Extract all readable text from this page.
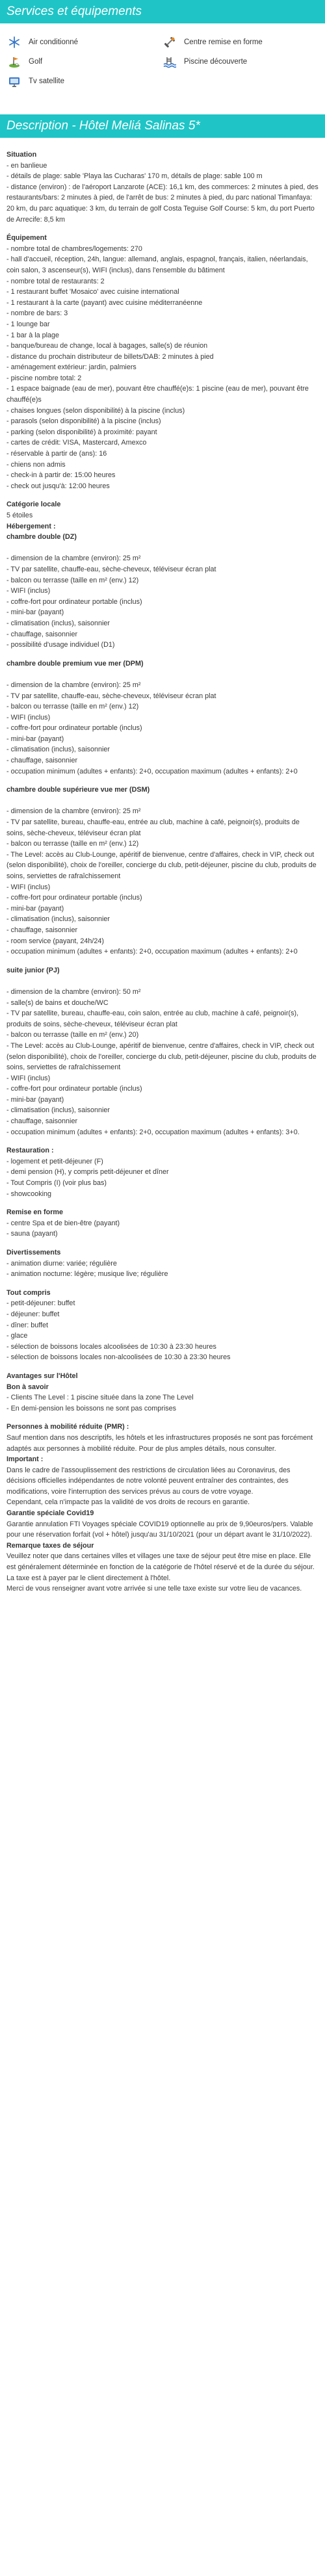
Services et équipements
Air conditionné	Centre remise en forme
Golf	Piscine découverte
Tv satellite
Description - Hôtel Meliá Salinas 5*

Situation

- en banlieue

- détails de plage: sable 'Playa las Cucharas' 170 m, détails de plage: sable 100 m

- distance (environ) : de l'aéroport Lanzarote (ACE): 16,1 km, des commerces: 2 minutes à pied, des restaurants/bars: 2 minutes à pied, de l'arrêt de bus: 2 minutes à pied, du parc national Timanfaya: 20 km, du parc aquatique: 3 km, du terrain de golf Costa Teguise Golf Course: 5 km, du port Puerto de Arrecife: 8,5 km

Équipement

- nombre total de chambres/logements: 270

- hall d'accueil, réception, 24h, langue: allemand, anglais, espagnol, français, italien, néerlandais, coin salon, 3 ascenseur(s), WIFI (inclus), dans l'ensemble du bâtiment

- nombre total de restaurants: 2

- 1 restaurant buffet 'Mosaico' avec cuisine international

- 1 restaurant à la carte (payant) avec cuisine méditerranéenne

- nombre de bars: 3

- 1 lounge bar

- 1 bar à la plage

- banque/bureau de change, local à bagages, salle(s) de réunion

- distance du prochain distributeur de billets/DAB: 2 minutes à pied

- aménagement extérieur: jardin, palmiers

- piscine nombre total: 2

- 1 espace baignade (eau de mer), pouvant être chauffé(e)s: 1 piscine (eau de mer), pouvant être chauffé(e)s

- chaises longues (selon disponibilité) à la piscine (inclus)

- parasols (selon disponibilité) à la piscine (inclus)

- parking (selon disponibilité) à proximité: payant

- cartes de crédit: VISA, Mastercard, Amexco

- réservable à partir de (ans): 16

- chiens non admis

- check-in à partir de: 15:00 heures

- check out jusqu'à: 12:00 heures

Catégorie locale

5 étoiles

Hébergement :

chambre double (DZ)

- dimension de la chambre (environ): 25 m²

- TV par satellite, chauffe-eau, sèche-cheveux, téléviseur écran plat

- balcon ou terrasse (taille en m² (env.) 12)

- WIFI (inclus)

- coffre-fort pour ordinateur portable (inclus)

- mini-bar (payant)

- climatisation (inclus), saisonnier

- chauffage, saisonnier

- possibilité d'usage individuel (D1)

chambre double premium vue mer (DPM)

- dimension de la chambre (environ): 25 m²

- TV par satellite, chauffe-eau, sèche-cheveux, téléviseur écran plat

- balcon ou terrasse (taille en m² (env.) 12)

- WIFI (inclus)

- coffre-fort pour ordinateur portable (inclus)

- mini-bar (payant)

- climatisation (inclus), saisonnier

- chauffage, saisonnier

- occupation minimum (adultes + enfants): 2+0, occupation maximum (adultes + enfants): 2+0

chambre double supérieure vue mer (DSM)

- dimension de la chambre (environ): 25 m²

- TV par satellite, bureau, chauffe-eau, entrée au club, machine à café, peignoir(s), produits de soins, sèche-cheveux, téléviseur écran plat

- balcon ou terrasse (taille en m² (env.) 12)

- The Level: accès au Club-Lounge, apéritif de bienvenue, centre d'affaires, check in VIP, check out (selon disponibilité), choix de l'oreiller, concierge du club, petit-déjeuner, piscine du club, produits de soins, serviettes de rafraîchissement

- WIFI (inclus)

- coffre-fort pour ordinateur portable (inclus)

- mini-bar (payant)

- climatisation (inclus), saisonnier

- chauffage, saisonnier

- room service (payant, 24h/24)

- occupation minimum (adultes + enfants): 2+0, occupation maximum (adultes + enfants): 2+0

suite junior (PJ)

- dimension de la chambre (environ): 50 m²

- salle(s) de bains et douche/WC

- TV par satellite, bureau, chauffe-eau, coin salon, entrée au club, machine à café, peignoir(s), produits de soins, sèche-cheveux, téléviseur écran plat

- balcon ou terrasse (taille en m² (env.) 20)

- The Level: accès au Club-Lounge, apéritif de bienvenue, centre d'affaires, check in VIP, check out (selon disponibilité), choix de l'oreiller, concierge du club, petit-déjeuner, piscine du club, produits de soins, serviettes de rafraîchissement

- WIFI (inclus)

- coffre-fort pour ordinateur portable (inclus)

- mini-bar (payant)

- climatisation (inclus), saisonnier

- chauffage, saisonnier

- occupation minimum (adultes + enfants): 2+0, occupation maximum (adultes + enfants): 3+0.

Restauration :

- logement et petit-déjeuner (F)

- demi pension (H), y compris petit-déjeuner et dîner

- Tout Compris (I) (voir plus bas)

- showcooking

Remise en forme

- centre Spa et de bien-être (payant)

- sauna (payant)

Divertissements

- animation diurne: variée; régulière

- animation nocturne: légère; musique live; régulière

Tout compris

- petit-déjeuner: buffet

- déjeuner: buffet

- dîner: buffet

- glace

- sélection de boissons locales alcoolisées de 10:30 à 23:30 heures

- sélection de boissons locales non-alcoolisées de 10:30 à 23:30 heures

Avantages sur l'Hôtel

Bon à savoir

- Clients The Level : 1 piscine située dans la zone The Level

- En demi-pension les boissons ne sont pas comprises

Personnes à mobilité réduite (PMR) :

Sauf mention dans nos descriptifs, les hôtels et les infrastructures proposés ne sont pas forcément adaptés aux personnes à mobilité réduite. Pour de plus amples détails, nous consulter.

Important :

Dans le cadre de l'assouplissement des restrictions de circulation liées au Coronavirus, des décisions officielles indépendantes de notre volonté peuvent entraîner des contraintes, des modifications, voire l'interruption des services prévus au cours de votre voyage.

Cependant, cela n'impacte pas la validité de vos droits de recours en garantie.

Garantie spéciale Covid19

Garantie annulation FTI Voyages spéciale COVID19 optionnelle au prix de 9,90euros/pers. Valable pour une réservation forfait (vol + hôtel) jusqu'au 31/10/2021 (pour un départ avant le 31/10/2022).

Remarque taxes de séjour

Veuillez noter que dans certaines villes et villages une taxe de séjour peut être mise en place. Elle est généralement déterminée en fonction de la catégorie de l'hôtel réservé et de la durée du séjour. La taxe est à payer par le client directement à l'hôtel.

Merci de vous renseigner avant votre arrivée si une telle taxe existe sur votre lieu de vacances.
